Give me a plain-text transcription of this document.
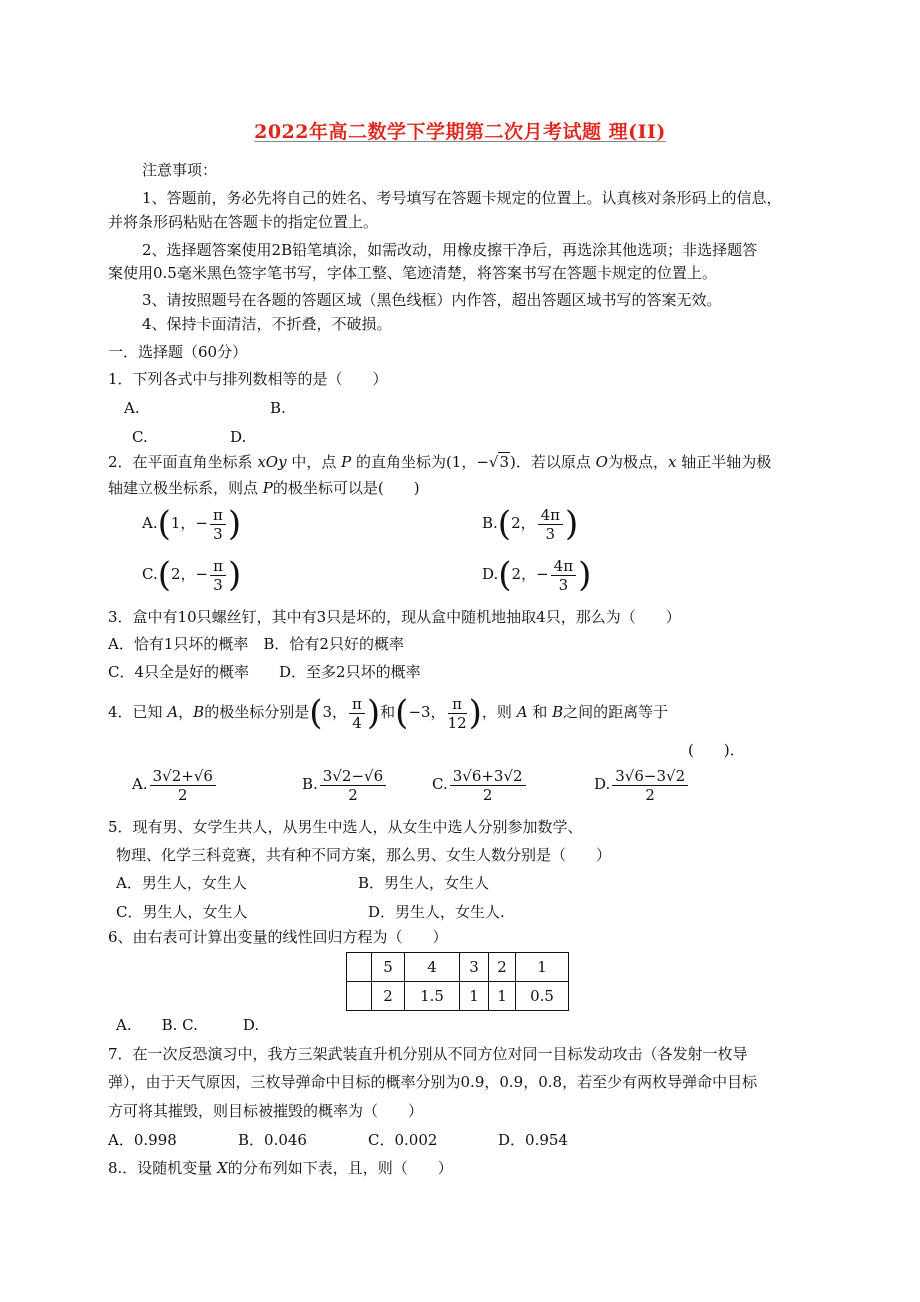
2022年高二数学下学期第二次月考试题 理(II)
注意事项：
1、答题前，务必先将自己的姓名、考号填写在答题卡规定的位置上。认真核对条形码上的信息，
并将条形码粘贴在答题卡的指定位置上。
2、选择题答案使用2B铅笔填涂，如需改动，用橡皮擦干净后，再选涂其他选项；非选择题答
案使用0.5毫米黑色签字笔书写，字体工整、笔迹清楚，将答案书写在答题卡规定的位置上。
3、请按照题号在各题的答题区域（黑色线框）内作答，超出答题区域书写的答案无效。
4、保持卡面清洁，不折叠，不破损。
一．选择题（60分）
1．下列各式中与排列数相等的是（　　）
A.	B.
C.	D.
2．在平面直角坐标系 xOy 中，点 P 的直角坐标为(1，−√3)．若以原点 O为极点，x 轴正半轴为极
轴建立极坐标系，则点 P的极坐标可以是(　　)
A.(1，− $\frac{\pi}{3}$ )	B.(2， $\frac{4\pi}{3}$ )
C.(2，− $\frac{\pi}{3}$ )	D.(2，− $\frac{4\pi}{3}$ )
3．盒中有10只螺丝钉，其中有3只是坏的，现从盒中随机地抽取4只，那么为（　　）
A．恰有1只坏的概率　B．恰有2只好的概率
C．4只全是好的概率　　D．至多2只坏的概率
4．已知 A，B的极坐标分别是(3， $\frac{\pi}{4}$ )和(−3， $\frac{\pi}{12}$ )，则 A 和 B之间的距离等于
(　　)．
A. $\frac{3√2+√6}{2}$	B. $\frac{3√2-√6}{2}$	C. $\frac{3√6+3√2}{2}$	D. $\frac{3√6-3√2}{2}$
5．现有男、女学生共人，从男生中选人，从女生中选人分别参加数学、
物理、化学三科竞赛，共有种不同方案，那么男、女生人数分别是（　　）
A．男生人，女生人	B．男生人，女生人
C．男生人，女生人	D．男生人，女生人.
6、由右表可计算出变量的线性回归方程为（　　）
	5	4	3	2	1
	2	1.5	1	1	0.5
A.　　B. C.　　　D.
7．在一次反恐演习中，我方三架武装直升机分别从不同方位对同一目标发动攻击（各发射一枚导
弹），由于天气原因，三枚导弹命中目标的概率分别为0.9，0.9，0.8，若至少有两枚导弹命中目标
方可将其摧毁，则目标被摧毁的概率为（　　）
A．0.998	B．0.046	C．0.002	D．0.954
8.．设随机变量 X的分布列如下表，且，则（　　）
